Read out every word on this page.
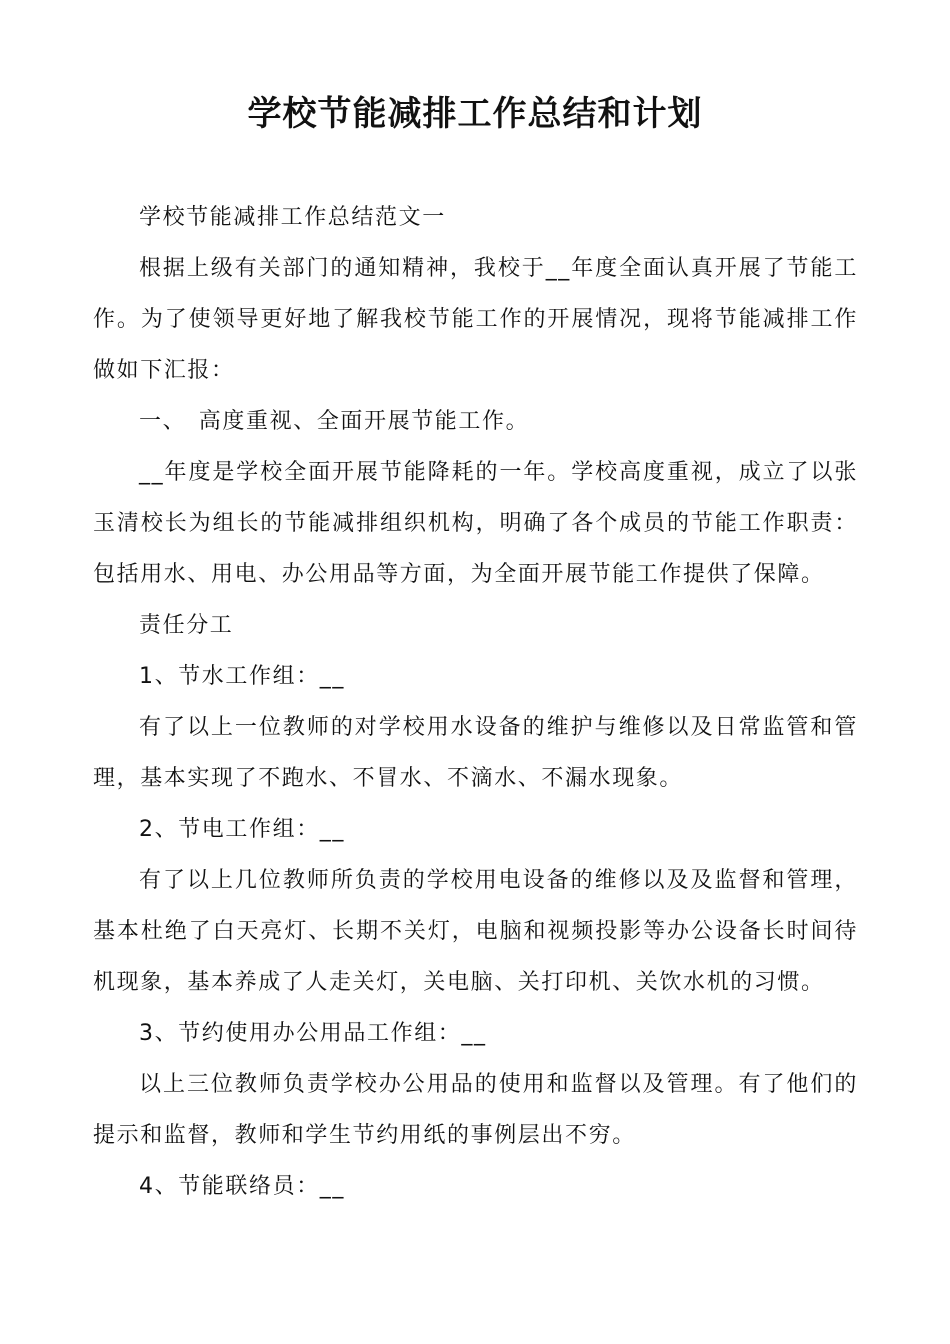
学校节能减排工作总结和计划

学校节能减排工作总结范文一

根据上级有关部门的通知精神，我校于__年度全面认真开展了节能工作。为了使领导更好地了解我校节能工作的开展情况，现将节能减排工作做如下汇报：

一、　高度重视、全面开展节能工作。

__年度是学校全面开展节能降耗的一年。学校高度重视，成立了以张玉清校长为组长的节能减排组织机构，明确了各个成员的节能工作职责：包括用水、用电、办公用品等方面，为全面开展节能工作提供了保障。

责任分工

1、节水工作组：__

有了以上一位教师的对学校用水设备的维护与维修以及日常监管和管理，基本实现了不跑水、不冒水、不滴水、不漏水现象。

2、节电工作组：__

有了以上几位教师所负责的学校用电设备的维修以及及监督和管理，基本杜绝了白天亮灯、长期不关灯，电脑和视频投影等办公设备长时间待机现象，基本养成了人走关灯，关电脑、关打印机、关饮水机的习惯。

3、节约使用办公用品工作组：__

以上三位教师负责学校办公用品的使用和监督以及管理。有了他们的提示和监督，教师和学生节约用纸的事例层出不穷。

4、节能联络员：__
